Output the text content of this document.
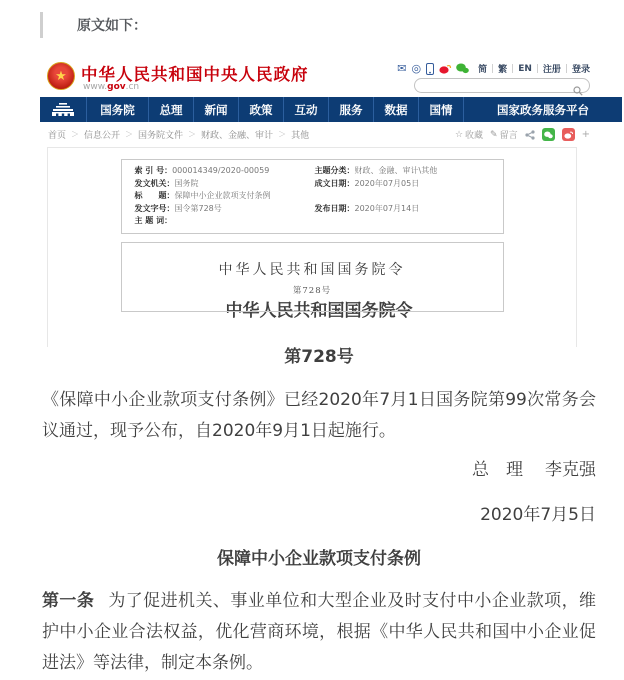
原文如下：
★ 中华人民共和国中央人民政府
www.gov.cn
✉ ◎	简 | 繁 | EN | 注册 | 登录
国务院	总理	新闻	政策	互动	服务	数据	国情	国家政务服务平台
首页 ＞ 信息公开 ＞ 国务院文件 ＞ 财政、金融、审计 ＞ 其他	☆ 收藏 ✎ 留言	+
索 引 号： 000014349/2020-00059
发文机关： 国务院
标　　题： 保障中小企业款项支付条例
发文字号： 国令第728号
主 题 词：
主题分类： 财政、金融、审计\其他
成文日期： 2020年07月05日
发布日期： 2020年07月14日
中华人民共和国国务院令
第728号
中华人民共和国国务院令
第728号
《保障中小企业款项支付条例》已经2020年7月1日国务院第99次常务会议通过，现予公布，自2020年9月1日起施行。
总　理 李克强
2020年7月5日
保障中小企业款项支付条例
第一条 为了促进机关、事业单位和大型企业及时支付中小企业款项，维护中小企业合法权益，优化营商环境，根据《中华人民共和国中小企业促进法》等法律，制定本条例。
